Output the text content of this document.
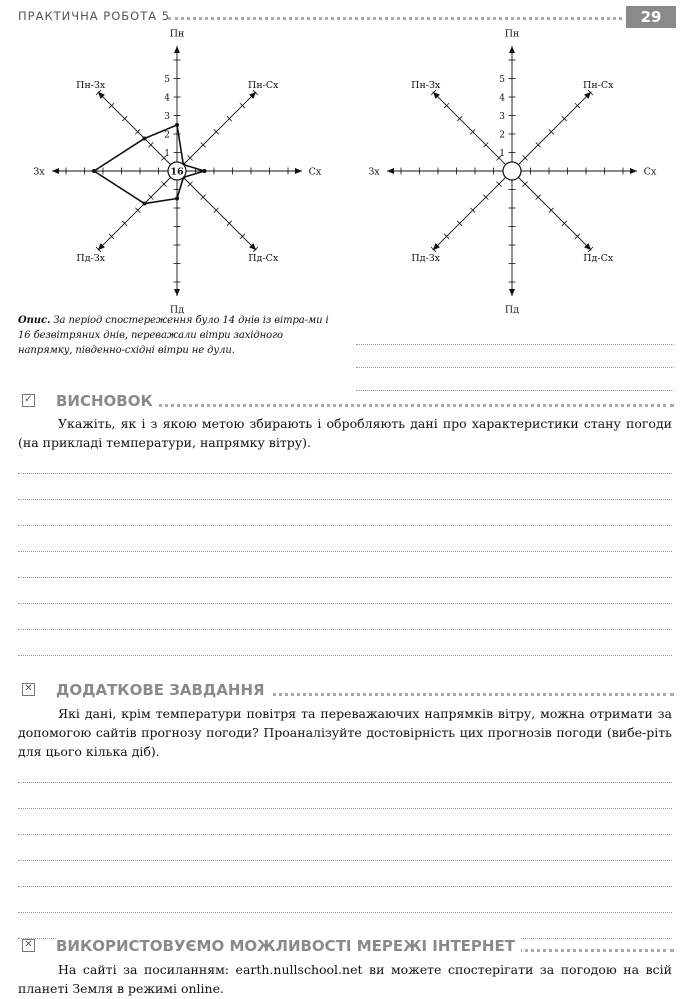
ПРАКТИЧНА РОБОТА 5	29
Пн
Пн-Сх
Сх
Пд-Сх
Пд
Пд-Зх
Зх
Пн-Зх
1
2
3
4
5
16
Пн
Пн-Сх
Сх
Пд-Сх
Пд
Пд-Зх
Зх
Пн-Зх
1
2
3
4
5
Опис. За період спостереження було 14 днів із вітра-ми і 16 безвітряних днів, переважали вітри західного напрямку, південно-східні вітри не дули.
✓ ВИСНОВОК
Укажіть, як і з якою метою збирають і обробляють дані про характеристики стану погоди (на прикладі температури, напрямку вітру).
✕ ДОДАТКОВЕ ЗАВДАННЯ
Які дані, крім температури повітря та переважаючих напрямків вітру, можна отримати за допомогою сайтів прогнозу погоди? Проаналізуйте достовірність цих прогнозів погоди (вибе-ріть для цього кілька діб).
✕ ВИКОРИСТОВУЄМО МОЖЛИВОСТІ МЕРЕЖІ ІНТЕРНЕТ
На сайті за посиланням: earth.nullschool.net ви можете спостерігати за погодою на всій планеті Земля в режимі online.
